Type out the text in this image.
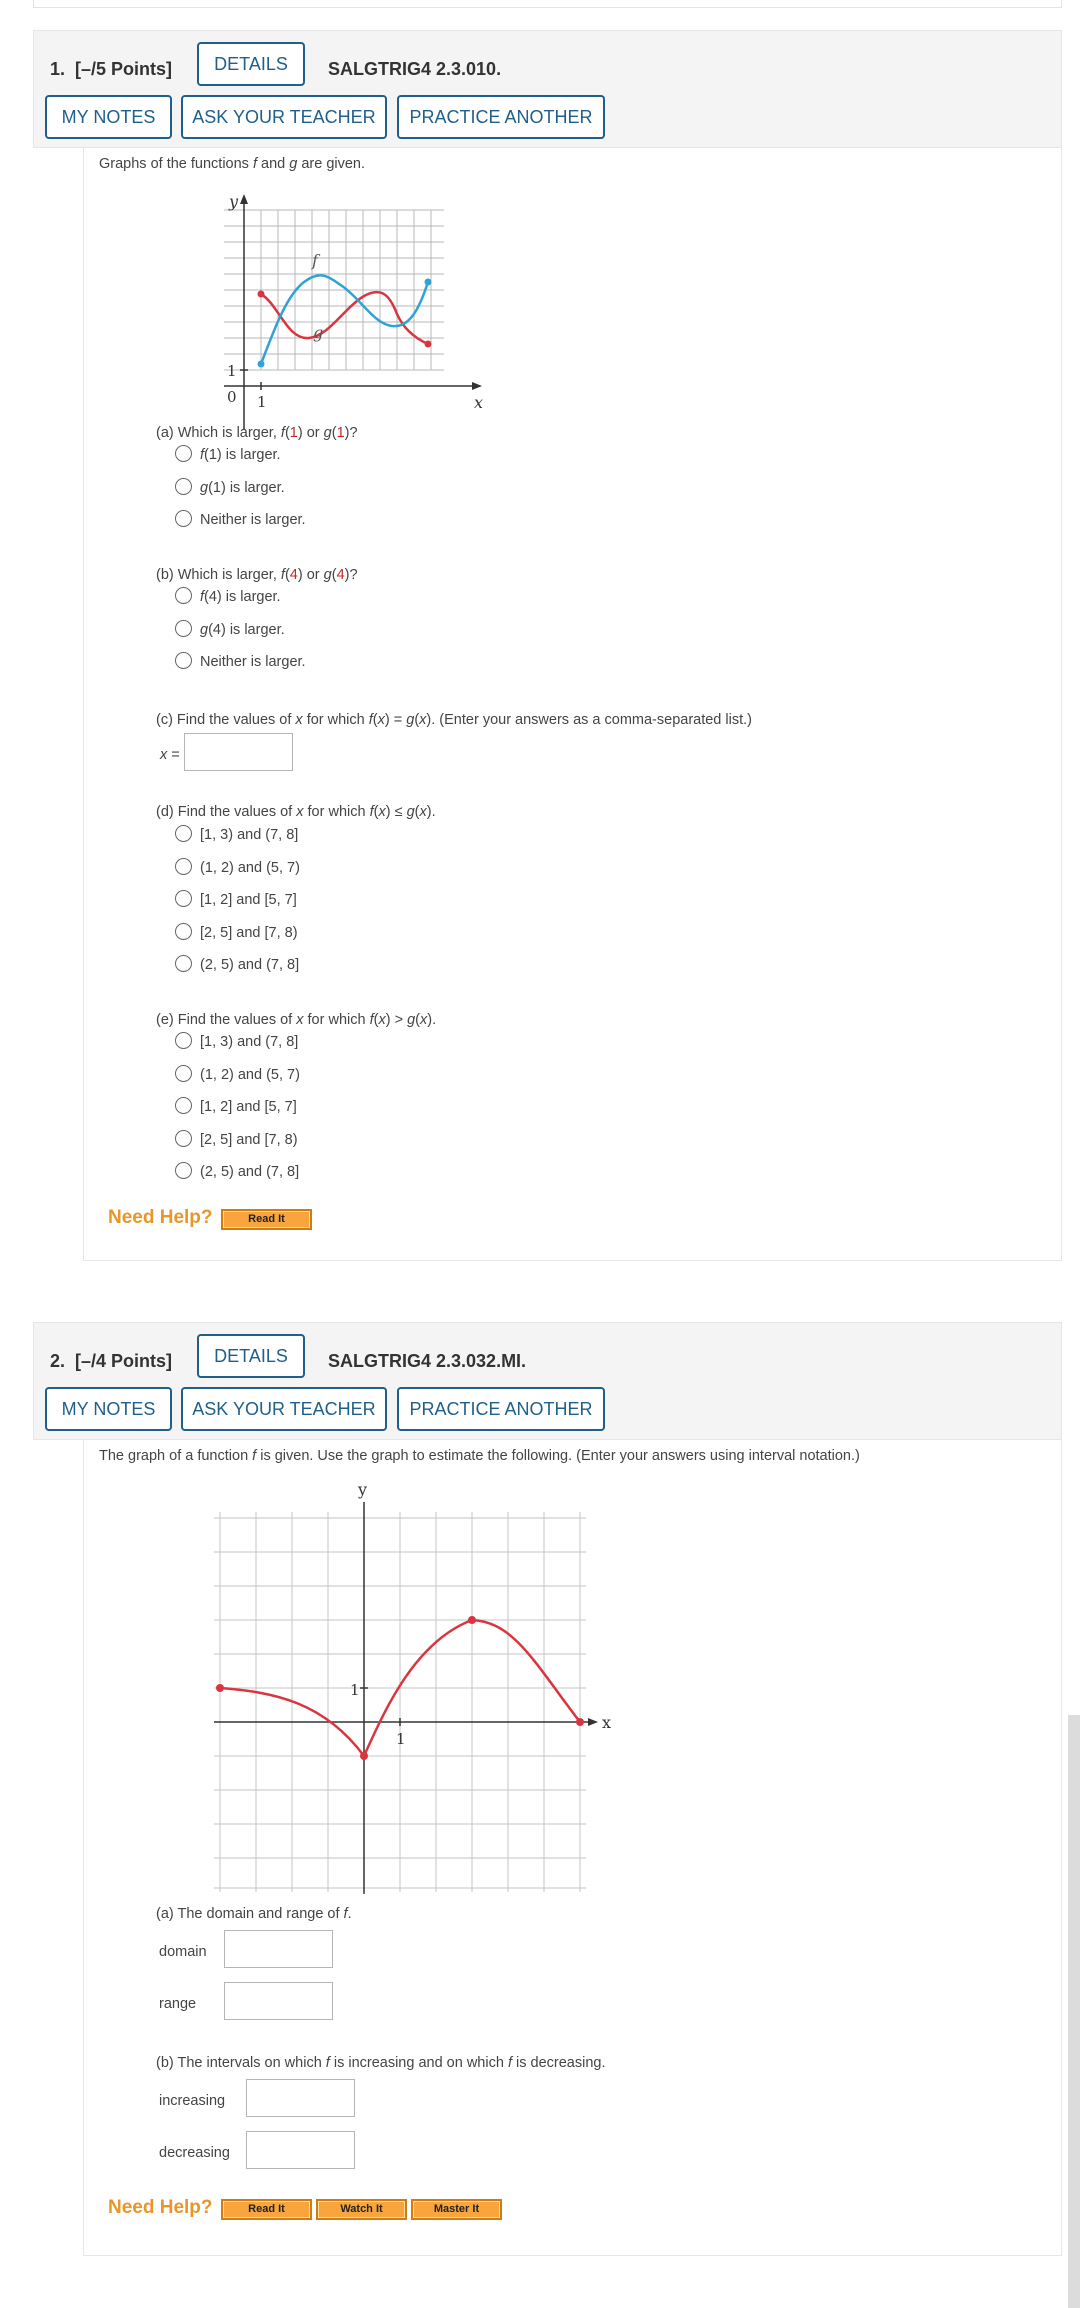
1. [–/5 Points]	DETAILS	SALGTRIG4 2.3.010.
MY NOTES	ASK YOUR TEACHER	PRACTICE ANOTHER
Graphs of the functions f and g are given.
y
x
0 1
1
f
g
(a) Which is larger, f(1) or g(1)?
f(1) is larger.
g(1) is larger.
Neither is larger.
(b) Which is larger, f(4) or g(4)?
f(4) is larger.
g(4) is larger.
Neither is larger.
(c) Find the values of x for which f(x) = g(x). (Enter your answers as a comma-separated list.)
x =
(d) Find the values of x for which f(x) ≤ g(x).
[1, 3) and (7, 8]
(1, 2) and (5, 7)
[1, 2] and [5, 7]
[2, 5] and [7, 8)
(2, 5) and (7, 8]
(e) Find the values of x for which f(x) > g(x).
[1, 3) and (7, 8]
(1, 2) and (5, 7)
[1, 2] and [5, 7]
[2, 5] and [7, 8)
(2, 5) and (7, 8]
Need Help?	Read It
2. [–/4 Points]	DETAILS	SALGTRIG4 2.3.032.MI.
MY NOTES	ASK YOUR TEACHER	PRACTICE ANOTHER
The graph of a function f is given. Use the graph to estimate the following. (Enter your answers using interval notation.)
y
x
1
1
(a) The domain and range of f.
domain
range
(b) The intervals on which f is increasing and on which f is decreasing.
increasing
decreasing
Need Help?	Read It	Watch It	Master It
